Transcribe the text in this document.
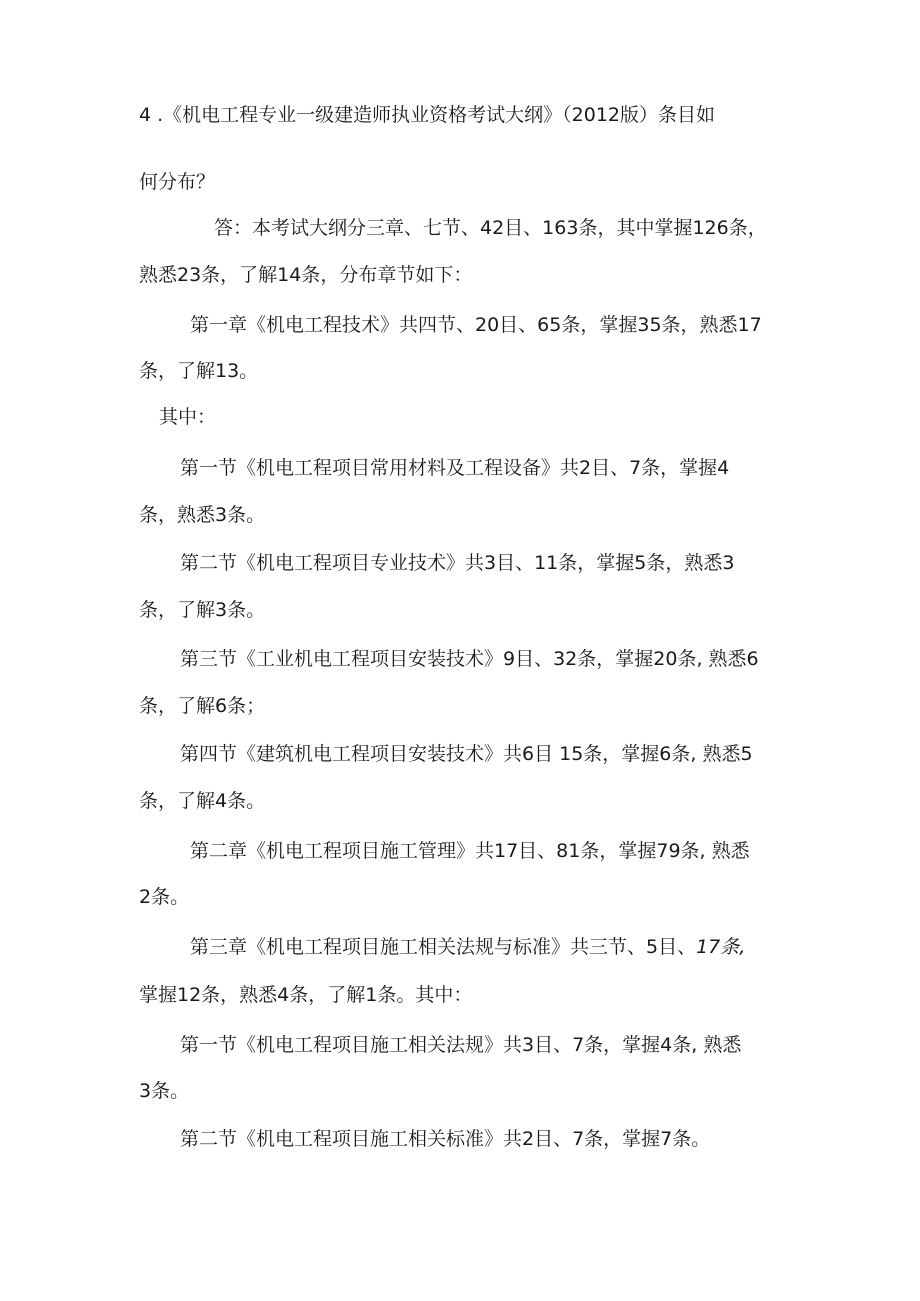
4 .《机电工程专业一级建造师执业资格考试大纲》（2012版）条目如
何分布？
答：本考试大纲分三章、七节、42目、163条，其中掌握126条，
熟悉23条，了解14条，分布章节如下：
第一章《机电工程技术》共四节、20目、65条，掌握35条，熟悉17
条，了解13。
其中：
第一节《机电工程项目常用材料及工程设备》共2目、7条，掌握4
条，熟悉3条。
第二节《机电工程项目专业技术》共3目、11条，掌握5条，熟悉3
条，了解3条。
第三节《工业机电工程项目安装技术》9目、32条，掌握20条, 熟悉6
条，了解6条；
第四节《建筑机电工程项目安装技术》共6目 15条，掌握6条, 熟悉5
条，了解4条。
第二章《机电工程项目施工管理》共17目、81条，掌握79条, 熟悉
2条。
第三章《机电工程项目施工相关法规与标准》共三节、5目、17条,
掌握12条，熟悉4条，了解1条。其中：
第一节《机电工程项目施工相关法规》共3目、7条，掌握4条, 熟悉
3条。
第二节《机电工程项目施工相关标准》共2目、7条，掌握7条。
